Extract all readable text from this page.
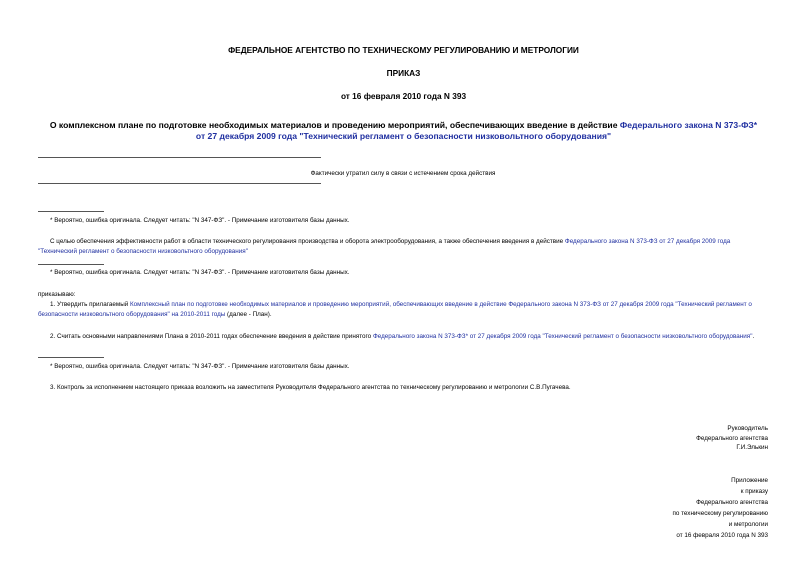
ФЕДЕРАЛЬНОЕ АГЕНТСТВО ПО ТЕХНИЧЕСКОМУ РЕГУЛИРОВАНИЮ И МЕТРОЛОГИИ
ПРИКАЗ
от 16 февраля 2010 года N 393
О комплексном плане по подготовке необходимых материалов и проведению мероприятий, обеспечивающих введение в действие Федерального закона N 373-ФЗ*
от 27 декабря 2009 года "Технический регламент о безопасности низковольтного оборудования"
Фактически утратил силу в связи с истечением срока действия
* Вероятно, ошибка оригинала. Следует читать: "N 347-ФЗ". - Примечание изготовителя базы данных.
С целью обеспечения эффективности работ в области технического регулирования производства и оборота электрооборудования, а также обеспечения введения в действие Федерального закона N 373-ФЗ от 27 декабря 2009 года "Технический регламент о безопасности низковольтного оборудования"
* Вероятно, ошибка оригинала. Следует читать: "N 347-ФЗ". - Примечание изготовителя базы данных.
приказываю:
1. Утвердить прилагаемый Комплексный план по подготовке необходимых материалов и проведению мероприятий, обеспечивающих введение в действие Федерального закона N 373-ФЗ от 27 декабря 2009 года "Технический регламент о безопасности низковольтного оборудования" на 2010-2011 годы (далее - План).
2. Считать основными направлениями Плана в 2010-2011 годах обеспечение введения в действие принятого Федерального закона N 373-ФЗ* от 27 декабря 2009 года "Технический регламент о безопасности низковольтного оборудования".
* Вероятно, ошибка оригинала. Следует читать: "N 347-ФЗ". - Примечание изготовителя базы данных.
3. Контроль за исполнением настоящего приказа возложить на заместителя Руководителя Федерального агентства по техническому регулированию и метрологии С.В.Пугачева.
Руководитель
Федерального агентства
Г.И.Элькин
Приложение
к приказу
Федерального агентства
по техническому регулированию
и метрологии
от 16 февраля 2010 года N 393
